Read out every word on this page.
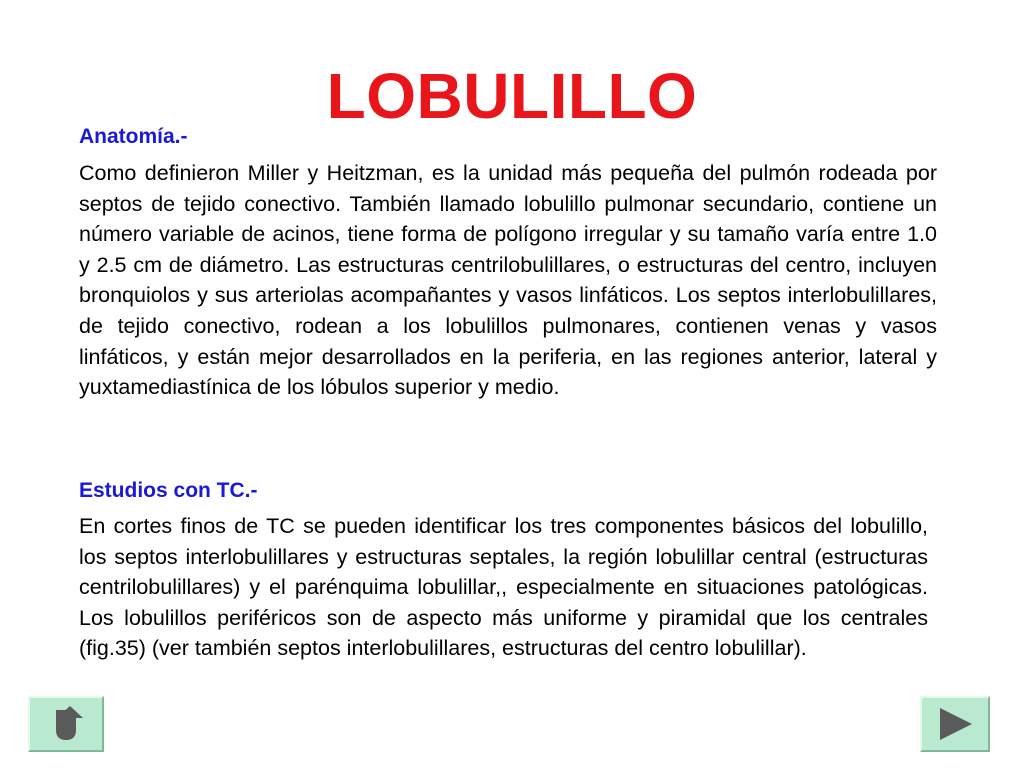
LOBULILLO
Anatomía.-
Como definieron Miller y Heitzman, es la unidad más pequeña del pulmón rodeada por septos de tejido conectivo. También llamado lobulillo pulmonar secundario, contiene un número variable de acinos, tiene forma de polígono irregular y su tamaño varía entre 1.0 y 2.5 cm de diámetro. Las estructuras centrilobulillares, o estructuras del centro, incluyen bronquiolos y sus arteriolas acompañantes y vasos linfáticos. Los septos interlobulillares, de tejido conectivo, rodean a los lobulillos pulmonares, contienen venas y vasos linfáticos, y están mejor desarrollados en la periferia, en las regiones anterior, lateral y yuxtamediastínica de los lóbulos superior y medio.
Estudios con TC.-
En cortes finos de TC se pueden identificar los tres componentes básicos del lobulillo, los septos interlobulillares y estructuras septales, la región lobulillar central (estructuras centrilobulillares) y el parénquima lobulillar,, especialmente en situaciones patológicas. Los lobulillos periféricos son de aspecto más uniforme y piramidal que los centrales (fig.35) (ver también septos interlobulillares, estructuras del centro lobulillar).
